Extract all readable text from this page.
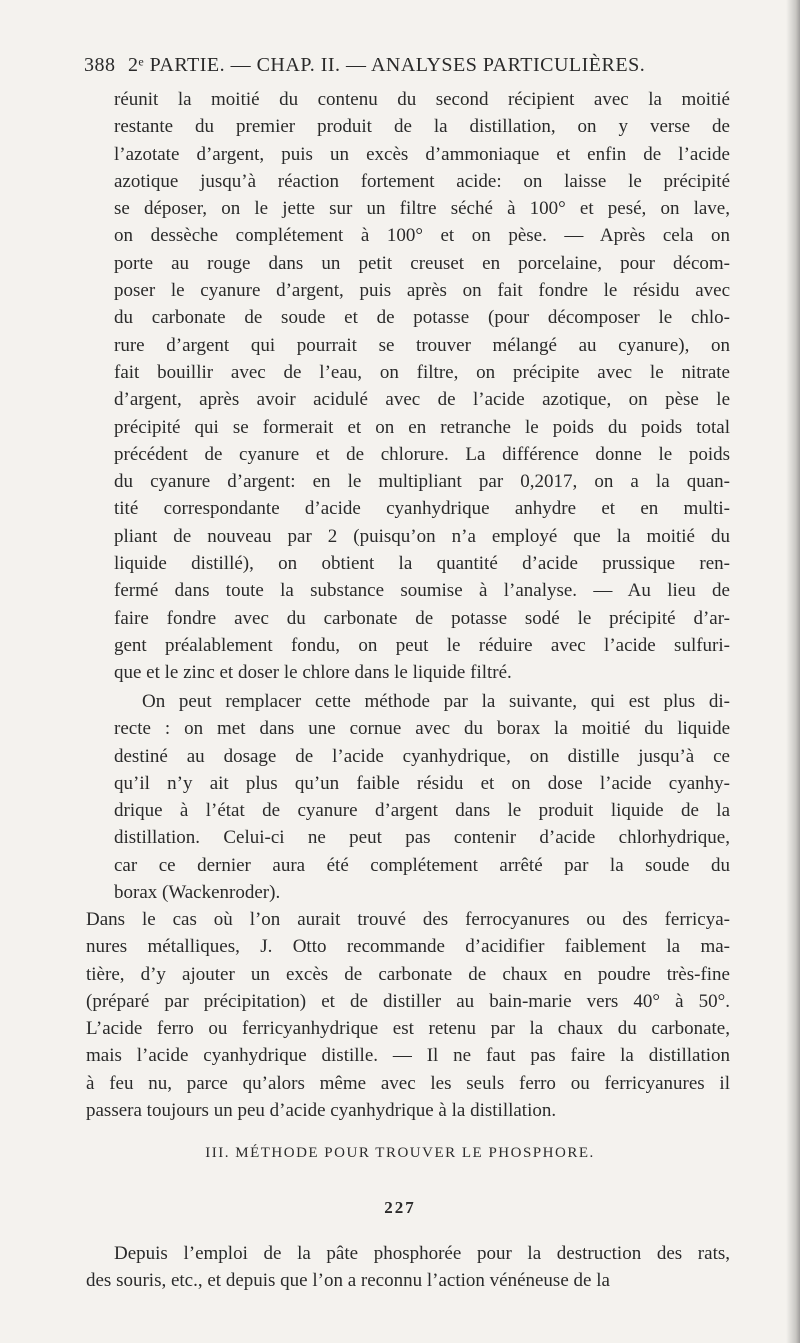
388 2ᵉ PARTIE. — CHAP. II. — ANALYSES PARTICULIÈRES.
réunit la moitié du contenu du second récipient avec la moitié
restante du premier produit de la distillation, on y verse de
l’azotate d’argent, puis un excès d’ammoniaque et enfin de l’acide
azotique jusqu’à réaction fortement acide: on laisse le précipité
se déposer, on le jette sur un filtre séché à 100° et pesé, on lave,
on dessèche complétement à 100° et on pèse. — Après cela on
porte au rouge dans un petit creuset en porcelaine, pour décom-
poser le cyanure d’argent, puis après on fait fondre le résidu avec
du carbonate de soude et de potasse (pour décomposer le chlo-
rure d’argent qui pourrait se trouver mélangé au cyanure), on
fait bouillir avec de l’eau, on filtre, on précipite avec le nitrate
d’argent, après avoir acidulé avec de l’acide azotique, on pèse le
précipité qui se formerait et on en retranche le poids du poids total
précédent de cyanure et de chlorure. La différence donne le poids
du cyanure d’argent: en le multipliant par 0,2017, on a la quan-
tité correspondante d’acide cyanhydrique anhydre et en multi-
pliant de nouveau par 2 (puisqu’on n’a employé que la moitié du
liquide distillé), on obtient la quantité d’acide prussique ren-
fermé dans toute la substance soumise à l’analyse. — Au lieu de
faire fondre avec du carbonate de potasse sodé le précipité d’ar-
gent préalablement fondu, on peut le réduire avec l’acide sulfuri-
que et le zinc et doser le chlore dans le liquide filtré.
On peut remplacer cette méthode par la suivante, qui est plus di-
recte : on met dans une cornue avec du borax la moitié du liquide
destiné au dosage de l’acide cyanhydrique, on distille jusqu’à ce
qu’il n’y ait plus qu’un faible résidu et on dose l’acide cyanhy-
drique à l’état de cyanure d’argent dans le produit liquide de la
distillation. Celui-ci ne peut pas contenir d’acide chlorhydrique,
car ce dernier aura été complétement arrêté par la soude du
borax (Wackenroder).
Dans le cas où l’on aurait trouvé des ferrocyanures ou des ferricya-
nures métalliques, J. Otto recommande d’acidifier faiblement la ma-
tière, d’y ajouter un excès de carbonate de chaux en poudre très-fine
(préparé par précipitation) et de distiller au bain-marie vers 40° à 50°.
L’acide ferro ou ferricyanhydrique est retenu par la chaux du carbonate,
mais l’acide cyanhydrique distille. — Il ne faut pas faire la distillation
à feu nu, parce qu’alors même avec les seuls ferro ou ferricyanures il
passera toujours un peu d’acide cyanhydrique à la distillation.
III. MÉTHODE POUR TROUVER LE PHOSPHORE.
227
Depuis l’emploi de la pâte phosphorée pour la destruction des rats,
des souris, etc., et depuis que l’on a reconnu l’action vénéneuse de la
